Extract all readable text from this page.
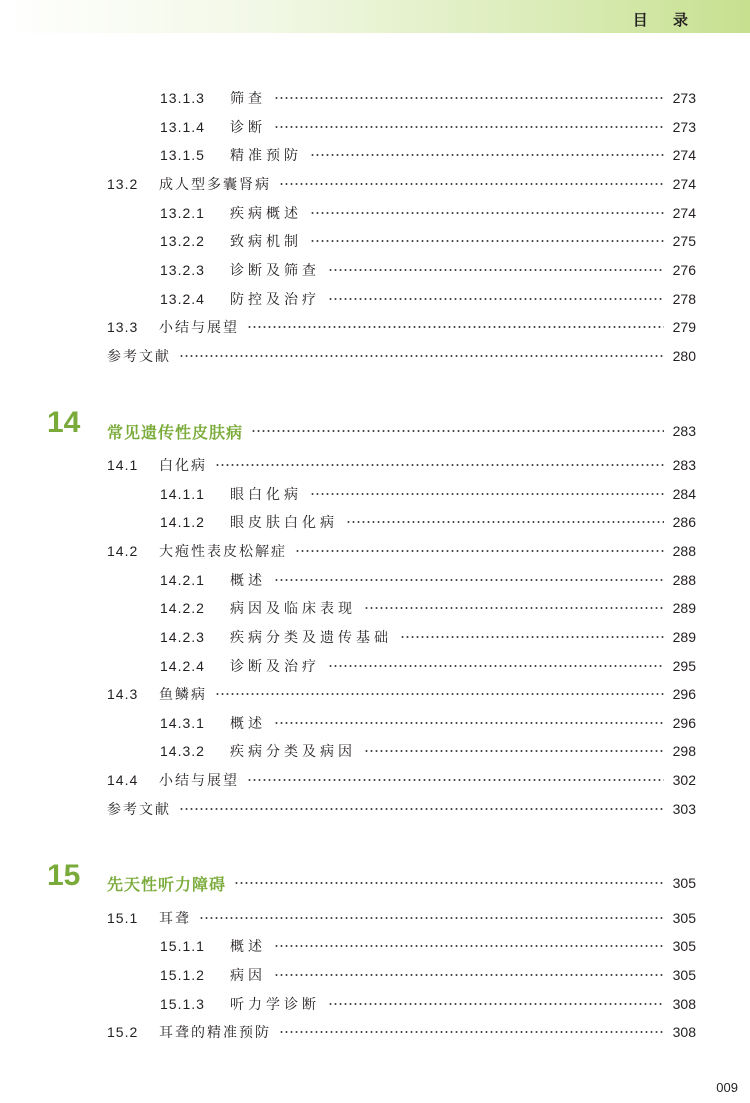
目 录
13.1.3	筛查	273
13.1.4	诊断	273
13.1.5	精准预防	274
13.2	成人型多囊肾病	274
13.2.1	疾病概述	274
13.2.2	致病机制	275
13.2.3	诊断及筛查	276
13.2.4	防控及治疗	278
13.3	小结与展望	279
参考文献	280
14 常见遗传性皮肤病	283
14.1	白化病	283
14.1.1	眼白化病	284
14.1.2	眼皮肤白化病	286
14.2	大疱性表皮松解症	288
14.2.1	概述	288
14.2.2	病因及临床表现	289
14.2.3	疾病分类及遗传基础	289
14.2.4	诊断及治疗	295
14.3	鱼鳞病	296
14.3.1	概述	296
14.3.2	疾病分类及病因	298
14.4	小结与展望	302
参考文献	303
15 先天性听力障碍	305
15.1	耳聋	305
15.1.1	概述	305
15.1.2	病因	305
15.1.3	听力学诊断	308
15.2	耳聋的精准预防	308
009
